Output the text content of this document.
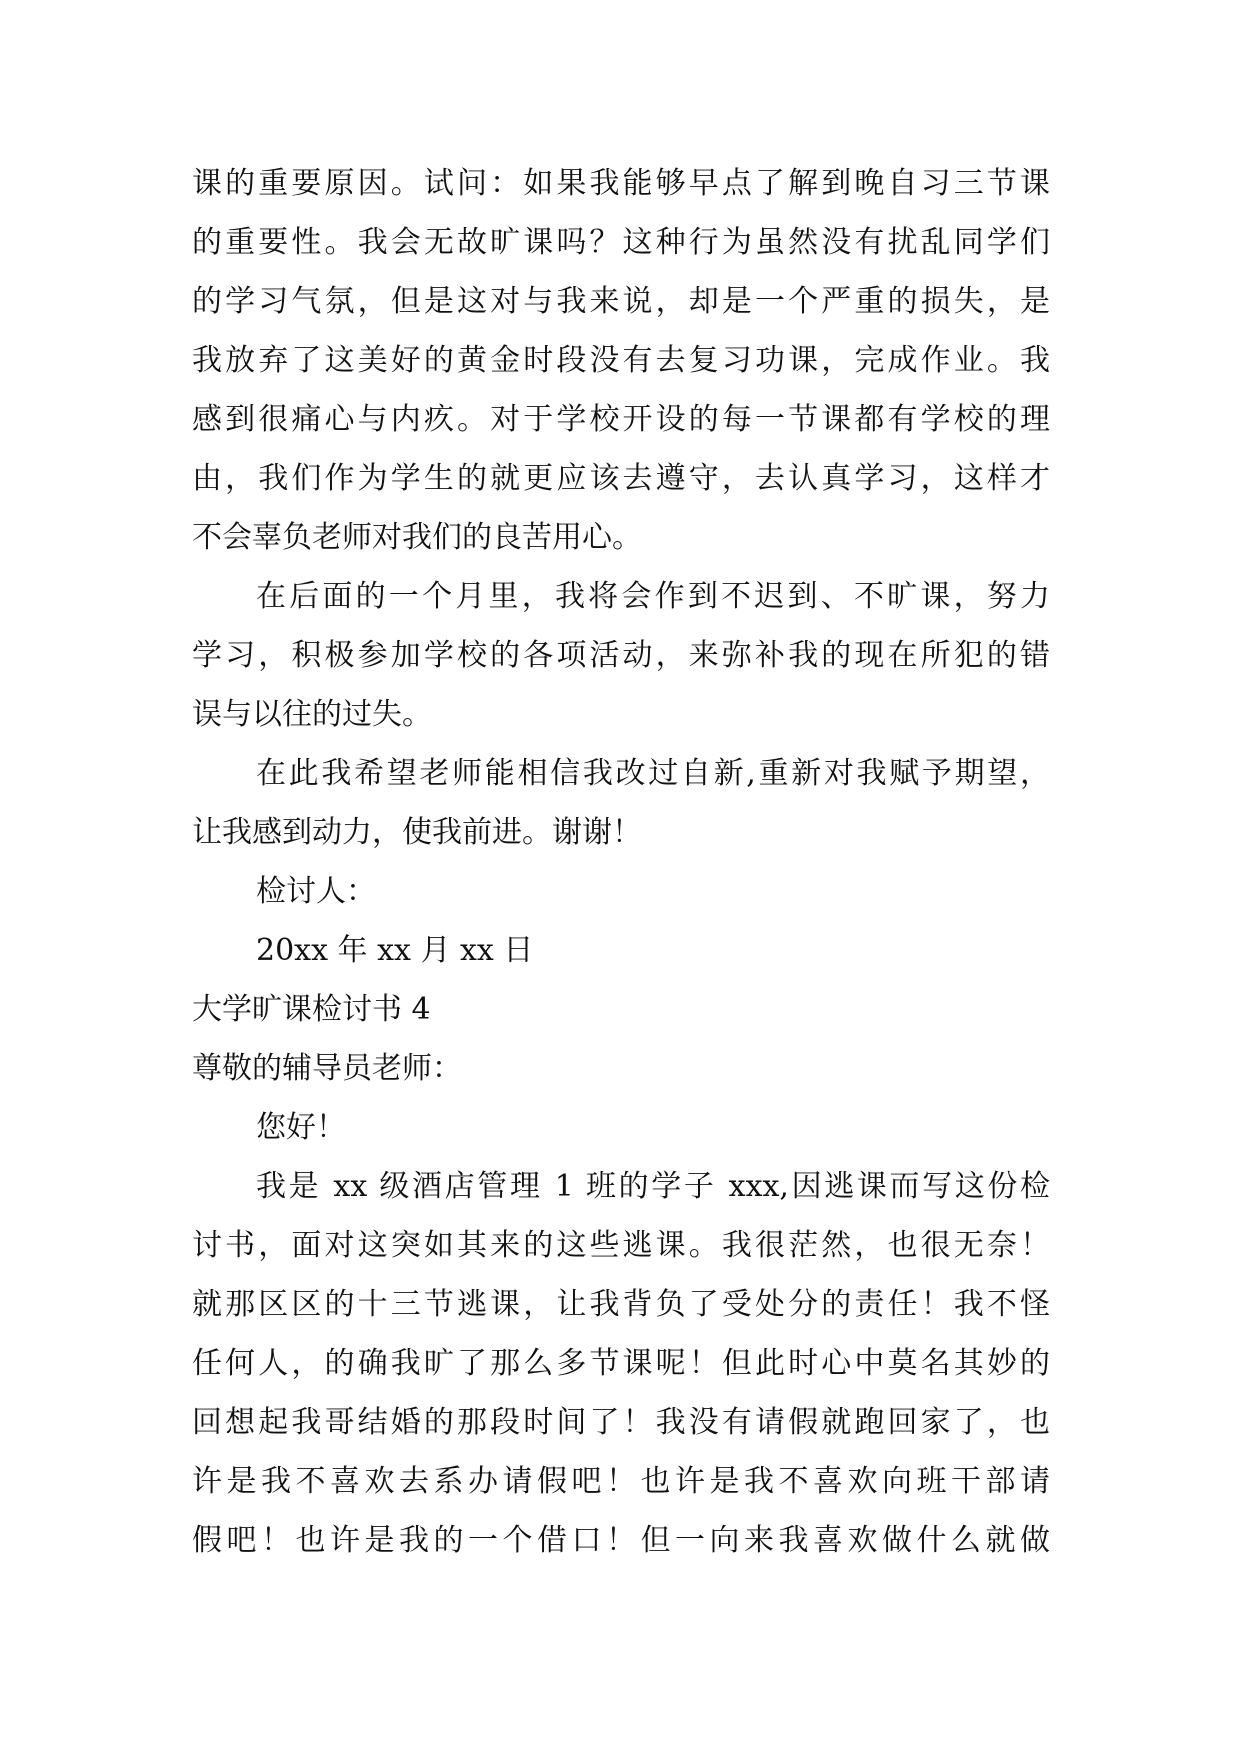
课的重要原因。试问：如果我能够早点了解到晚自习三节课
的重要性。我会无故旷课吗？这种行为虽然没有扰乱同学们
的学习气氛，但是这对与我来说，却是一个严重的损失，是
我放弃了这美好的黄金时段没有去复习功课，完成作业。我
感到很痛心与内疚。对于学校开设的每一节课都有学校的理
由，我们作为学生的就更应该去遵守，去认真学习，这样才
不会辜负老师对我们的良苦用心。
在后面的一个月里，我将会作到不迟到、不旷课，努力
学习，积极参加学校的各项活动，来弥补我的现在所犯的错
误与以往的过失。
在此我希望老师能相信我改过自新,重新对我赋予期望，
让我感到动力，使我前进。谢谢！
检讨人：
20xx 年 xx 月 xx 日
大学旷课检讨书 4
尊敬的辅导员老师：
您好！
我是 xx 级酒店管理 1 班的学子 xxx,因逃课而写这份检
讨书，面对这突如其来的这些逃课。我很茫然，也很无奈！
就那区区的十三节逃课，让我背负了受处分的责任！我不怪
任何人，的确我旷了那么多节课呢！但此时心中莫名其妙的
回想起我哥结婚的那段时间了！我没有请假就跑回家了，也
许是我不喜欢去系办请假吧！也许是我不喜欢向班干部请
假吧！也许是我的一个借口！但一向来我喜欢做什么就做
